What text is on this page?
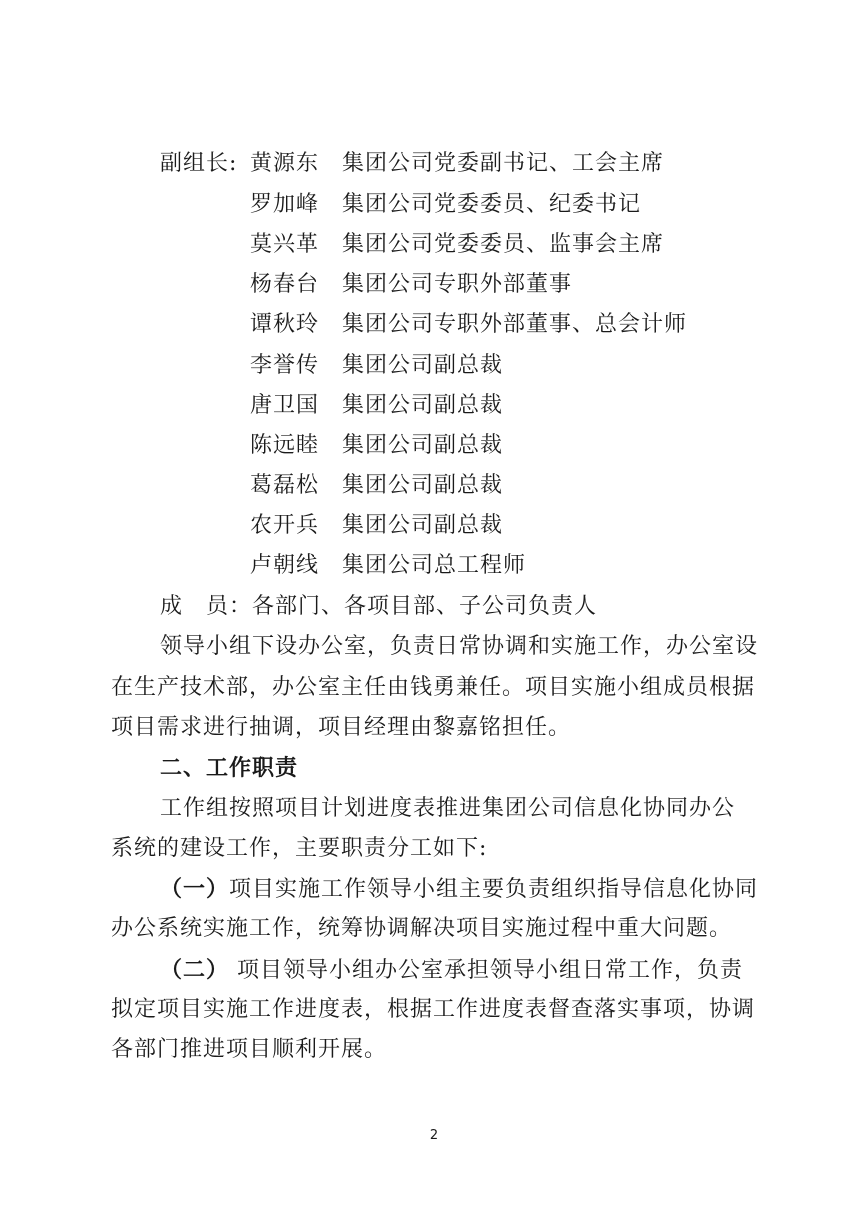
副组长: 黄源东 集团公司党委副书记、工会主席
罗加峰 集团公司党委委员、纪委书记
莫兴革 集团公司党委委员、监事会主席
杨春台 集团公司专职外部董事
谭秋玲 集团公司专职外部董事、总会计师
李誉传 集团公司副总裁
唐卫国 集团公司副总裁
陈远睦 集团公司副总裁
葛磊松 集团公司副总裁
农开兵 集团公司副总裁
卢朝线 集团公司总工程师
成　员：各部门、各项目部、子公司负责人
领导小组下设办公室，负责日常协调和实施工作，办公室设
在生产技术部，办公室主任由钱勇兼任。项目实施小组成员根据
项目需求进行抽调，项目经理由黎嘉铭担任。
二、工作职责
工作组按照项目计划进度表推进集团公司信息化协同办公
系统的建设工作，主要职责分工如下:
（一）项目实施工作领导小组主要负责组织指导信息化协同
办公系统实施工作，统筹协调解决项目实施过程中重大问题。
（二） 项目领导小组办公室承担领导小组日常工作，负责
拟定项目实施工作进度表，根据工作进度表督查落实事项，协调
各部门推进项目顺利开展。
2
